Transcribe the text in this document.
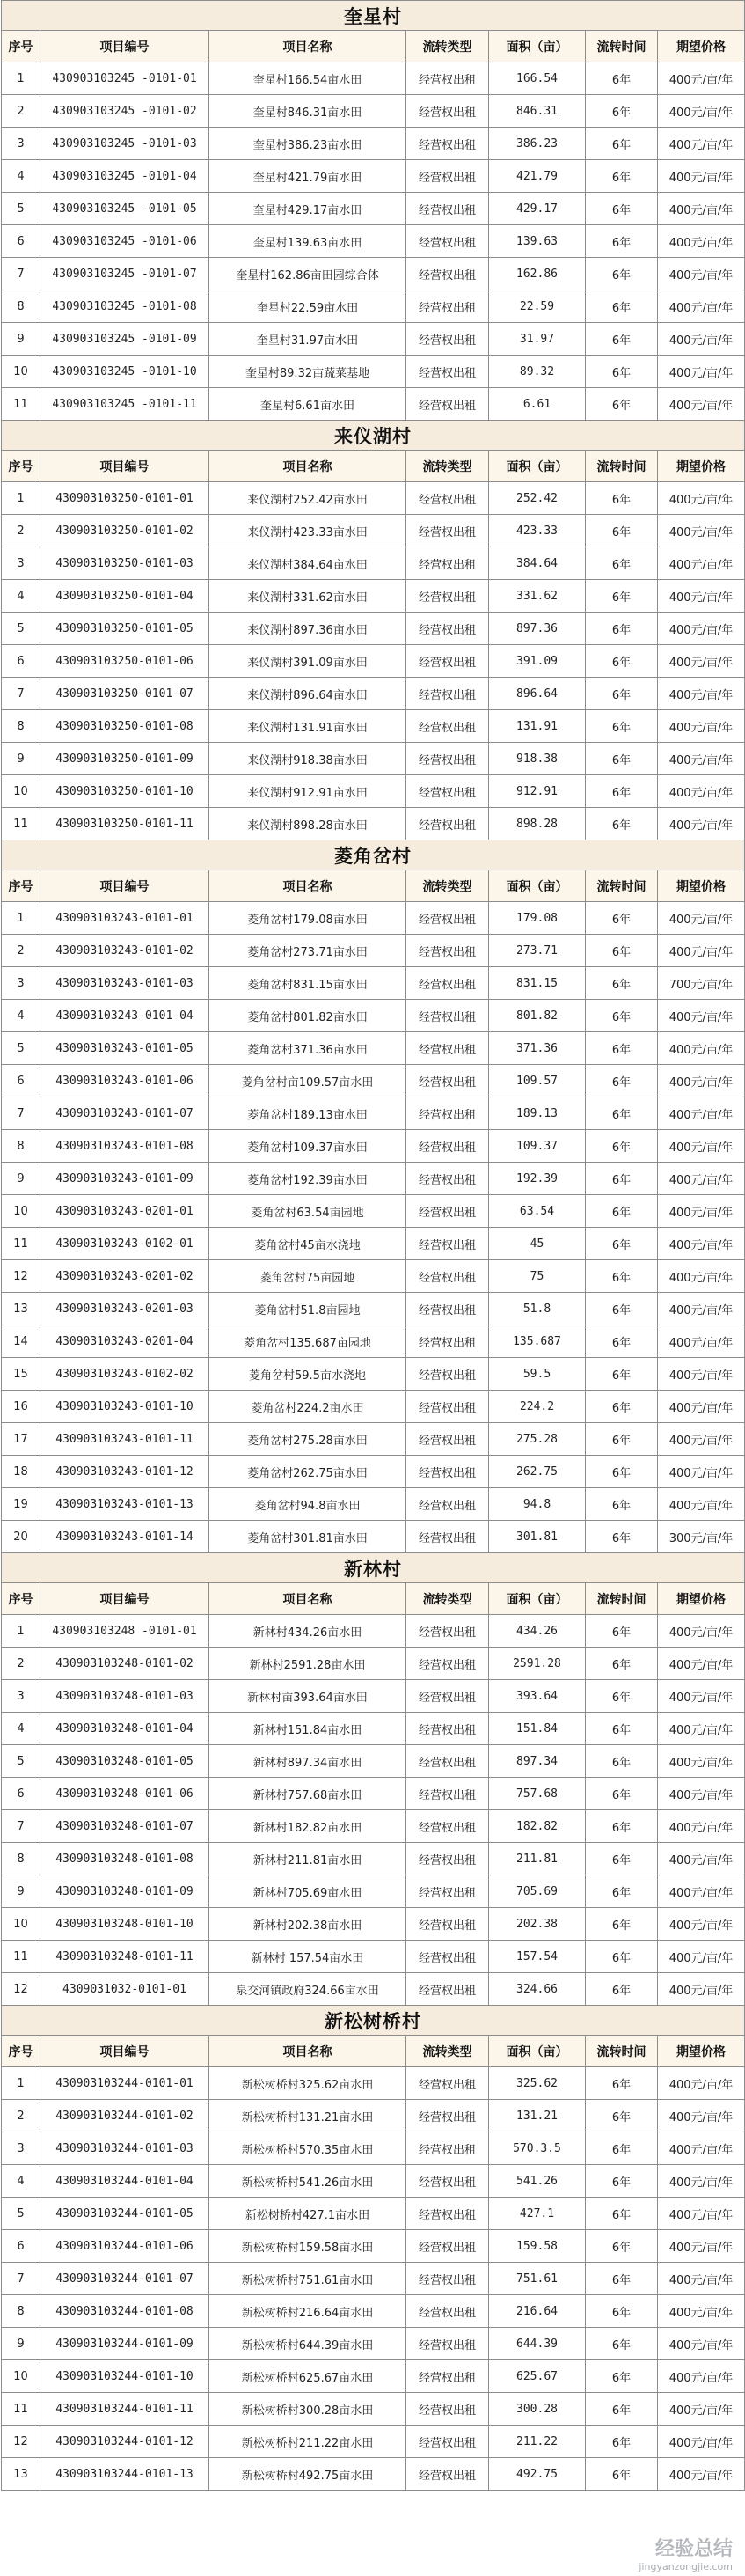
奎星村						
序号	项目编号	项目名称	流转类型	面积（亩）	流转时间	期望价格
1	430903103245 -0101-01	奎星村166.54亩水田	经营权出租	166.54	6年	400元/亩/年
2	430903103245 -0101-02	奎星村846.31亩水田	经营权出租	846.31	6年	400元/亩/年
3	430903103245 -0101-03	奎星村386.23亩水田	经营权出租	386.23	6年	400元/亩/年
4	430903103245 -0101-04	奎星村421.79亩水田	经营权出租	421.79	6年	400元/亩/年
5	430903103245 -0101-05	奎星村429.17亩水田	经营权出租	429.17	6年	400元/亩/年
6	430903103245 -0101-06	奎星村139.63亩水田	经营权出租	139.63	6年	400元/亩/年
7	430903103245 -0101-07	奎星村162.86亩田园综合体	经营权出租	162.86	6年	400元/亩/年
8	430903103245 -0101-08	奎星村22.59亩水田	经营权出租	22.59	6年	400元/亩/年
9	430903103245 -0101-09	奎星村31.97亩水田	经营权出租	31.97	6年	400元/亩/年
10	430903103245 -0101-10	奎星村89.32亩蔬菜基地	经营权出租	89.32	6年	400元/亩/年
11	430903103245 -0101-11	奎星村6.61亩水田	经营权出租	6.61	6年	400元/亩/年
来仪湖村						
序号	项目编号	项目名称	流转类型	面积（亩）	流转时间	期望价格
1	430903103250-0101-01	来仪湖村252.42亩水田	经营权出租	252.42	6年	400元/亩/年
2	430903103250-0101-02	来仪湖村423.33亩水田	经营权出租	423.33	6年	400元/亩/年
3	430903103250-0101-03	来仪湖村384.64亩水田	经营权出租	384.64	6年	400元/亩/年
4	430903103250-0101-04	来仪湖村331.62亩水田	经营权出租	331.62	6年	400元/亩/年
5	430903103250-0101-05	来仪湖村897.36亩水田	经营权出租	897.36	6年	400元/亩/年
6	430903103250-0101-06	来仪湖村391.09亩水田	经营权出租	391.09	6年	400元/亩/年
7	430903103250-0101-07	来仪湖村896.64亩水田	经营权出租	896.64	6年	400元/亩/年
8	430903103250-0101-08	来仪湖村131.91亩水田	经营权出租	131.91	6年	400元/亩/年
9	430903103250-0101-09	来仪湖村918.38亩水田	经营权出租	918.38	6年	400元/亩/年
10	430903103250-0101-10	来仪湖村912.91亩水田	经营权出租	912.91	6年	400元/亩/年
11	430903103250-0101-11	来仪湖村898.28亩水田	经营权出租	898.28	6年	400元/亩/年
菱角岔村						
序号	项目编号	项目名称	流转类型	面积（亩）	流转时间	期望价格
1	430903103243-0101-01	菱角岔村179.08亩水田	经营权出租	179.08	6年	400元/亩/年
2	430903103243-0101-02	菱角岔村273.71亩水田	经营权出租	273.71	6年	400元/亩/年
3	430903103243-0101-03	菱角岔村831.15亩水田	经营权出租	831.15	6年	700元/亩/年
4	430903103243-0101-04	菱角岔村801.82亩水田	经营权出租	801.82	6年	400元/亩/年
5	430903103243-0101-05	菱角岔村371.36亩水田	经营权出租	371.36	6年	400元/亩/年
6	430903103243-0101-06	菱角岔村亩109.57亩水田	经营权出租	109.57	6年	400元/亩/年
7	430903103243-0101-07	菱角岔村189.13亩水田	经营权出租	189.13	6年	400元/亩/年
8	430903103243-0101-08	菱角岔村109.37亩水田	经营权出租	109.37	6年	400元/亩/年
9	430903103243-0101-09	菱角岔村192.39亩水田	经营权出租	192.39	6年	400元/亩/年
10	430903103243-0201-01	菱角岔村63.54亩园地	经营权出租	63.54	6年	400元/亩/年
11	430903103243-0102-01	菱角岔村45亩水浇地	经营权出租	45	6年	400元/亩/年
12	430903103243-0201-02	菱角岔村75亩园地	经营权出租	75	6年	400元/亩/年
13	430903103243-0201-03	菱角岔村51.8亩园地	经营权出租	51.8	6年	400元/亩/年
14	430903103243-0201-04	菱角岔村135.687亩园地	经营权出租	135.687	6年	400元/亩/年
15	430903103243-0102-02	菱角岔村59.5亩水浇地	经营权出租	59.5	6年	400元/亩/年
16	430903103243-0101-10	菱角岔村224.2亩水田	经营权出租	224.2	6年	400元/亩/年
17	430903103243-0101-11	菱角岔村275.28亩水田	经营权出租	275.28	6年	400元/亩/年
18	430903103243-0101-12	菱角岔村262.75亩水田	经营权出租	262.75	6年	400元/亩/年
19	430903103243-0101-13	菱角岔村94.8亩水田	经营权出租	94.8	6年	400元/亩/年
20	430903103243-0101-14	菱角岔村301.81亩水田	经营权出租	301.81	6年	300元/亩/年
新林村						
序号	项目编号	项目名称	流转类型	面积（亩）	流转时间	期望价格
1	430903103248 -0101-01	新林村434.26亩水田	经营权出租	434.26	6年	400元/亩/年
2	430903103248-0101-02	新林村2591.28亩水田	经营权出租	2591.28	6年	400元/亩/年
3	430903103248-0101-03	新林村亩393.64亩水田	经营权出租	393.64	6年	400元/亩/年
4	430903103248-0101-04	新林村151.84亩水田	经营权出租	151.84	6年	400元/亩/年
5	430903103248-0101-05	新林村897.34亩水田	经营权出租	897.34	6年	400元/亩/年
6	430903103248-0101-06	新林村757.68亩水田	经营权出租	757.68	6年	400元/亩/年
7	430903103248-0101-07	新林村182.82亩水田	经营权出租	182.82	6年	400元/亩/年
8	430903103248-0101-08	新林村211.81亩水田	经营权出租	211.81	6年	400元/亩/年
9	430903103248-0101-09	新林村705.69亩水田	经营权出租	705.69	6年	400元/亩/年
10	430903103248-0101-10	新林村202.38亩水田	经营权出租	202.38	6年	400元/亩/年
11	430903103248-0101-11	新林村 157.54亩水田	经营权出租	157.54	6年	400元/亩/年
12	43090310​32-0101-01	泉交河镇政府324.66亩水田	经营权出租	324.66	6年	400元/亩/年
新松树桥村						
序号	项目编号	项目名称	流转类型	面积（亩）	流转时间	期望价格
1	430903103244-0101-01	新松树桥村325.62亩水田	经营权出租	325.62	6年	400元/亩/年
2	430903103244-0101-02	新松树桥村131.21亩水田	经营权出租	131.21	6年	400元/亩/年
3	430903103244-0101-03	新松树桥村570.35亩水田	经营权出租	570.3.5	6年	400元/亩/年
4	430903103244-0101-04	新松树桥村541.26亩水田	经营权出租	541.26	6年	400元/亩/年
5	430903103244-0101-05	新松树桥村427.1亩水田	经营权出租	427.1	6年	400元/亩/年
6	430903103244-0101-06	新松树桥村159.58亩水田	经营权出租	159.58	6年	400元/亩/年
7	430903103244-0101-07	新松树桥村751.61亩水田	经营权出租	751.61	6年	400元/亩/年
8	430903103244-0101-08	新松树桥村216.64亩水田	经营权出租	216.64	6年	400元/亩/年
9	430903103244-0101-09	新松树桥村644.39亩水田	经营权出租	644.39	6年	400元/亩/年
10	430903103244-0101-10	新松树桥村625.67亩水田	经营权出租	625.67	6年	400元/亩/年
11	430903103244-0101-11	新松树桥村300.28亩水田	经营权出租	300.28	6年	400元/亩/年
12	430903103244-0101-12	新松树桥村211.22亩水田	经营权出租	211.22	6年	400元/亩/年
13	430903103244-0101-13	新松树桥村492.75亩水田	经营权出租	492.75	6年	400元/亩/年
经验总结
jingyanzongjie.com
